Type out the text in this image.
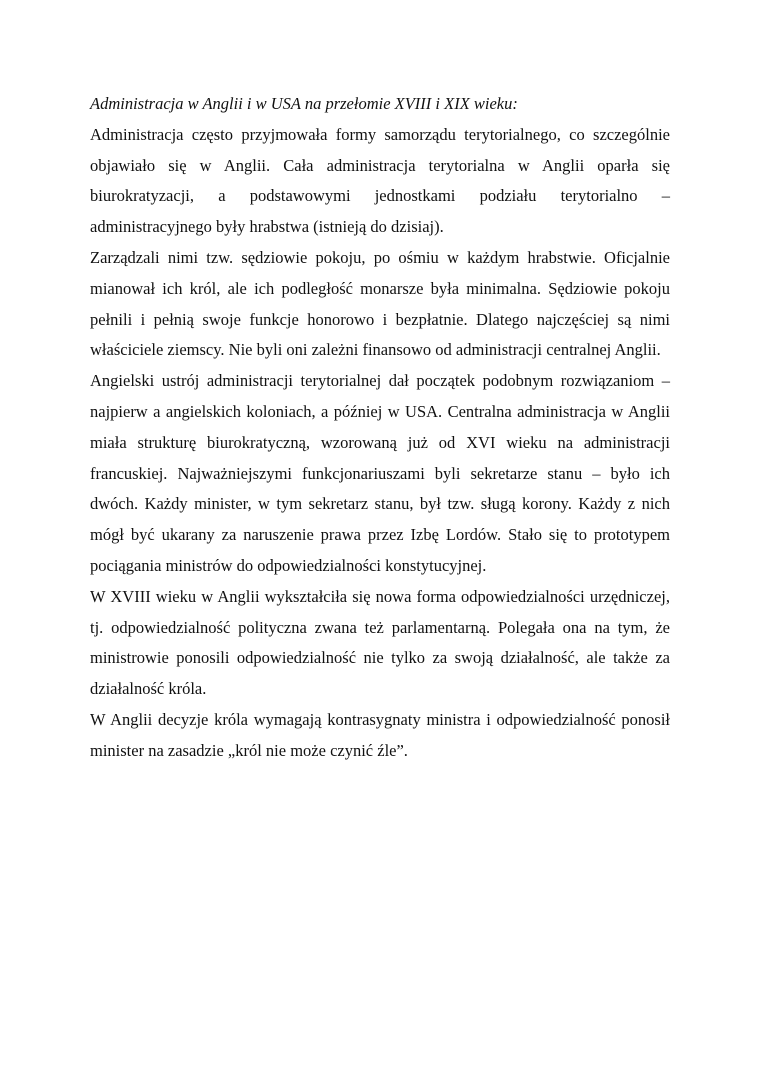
Administracja w Anglii i w USA na przełomie XVIII i XIX wieku:

Administracja często przyjmowała formy samorządu terytorialnego, co szczególnie objawiało się w Anglii. Cała administracja terytorialna w Anglii oparła się biurokratyzacji, a podstawowymi jednostkami podziału terytorialno – administracyjnego były hrabstwa (istnieją do dzisiaj).

Zarządzali nimi tzw. sędziowie pokoju, po ośmiu w każdym hrabstwie. Oficjalnie mianował ich król, ale ich podległość monarsze była minimalna. Sędziowie pokoju pełnili i pełnią swoje funkcje honorowo i bezpłatnie. Dlatego najczęściej są nimi właściciele ziemscy. Nie byli oni zależni finansowo od administracji centralnej Anglii.

Angielski ustrój administracji terytorialnej dał początek podobnym rozwiązaniom – najpierw a angielskich koloniach, a później w USA. Centralna administracja w Anglii miała strukturę biurokratyczną, wzorowaną już od XVI wieku na administracji francuskiej. Najważniejszymi funkcjonariuszami byli sekretarze stanu – było ich dwóch. Każdy minister, w tym sekretarz stanu, był tzw. sługą korony. Każdy z nich mógł być ukarany za naruszenie prawa przez Izbę Lordów. Stało się to prototypem pociągania ministrów do odpowiedzialności konstytucyjnej.

W XVIII wieku w Anglii wykształciła się nowa forma odpowiedzialności urzędniczej, tj. odpowiedzialność polityczna zwana też parlamentarną. Polegała ona na tym, że ministrowie ponosili odpowiedzialność nie tylko za swoją działalność, ale także za działalność króla.

W Anglii decyzje króla wymagają kontrasygnaty ministra i odpowiedzialność ponosił minister na zasadzie „król nie może czynić źle”.
